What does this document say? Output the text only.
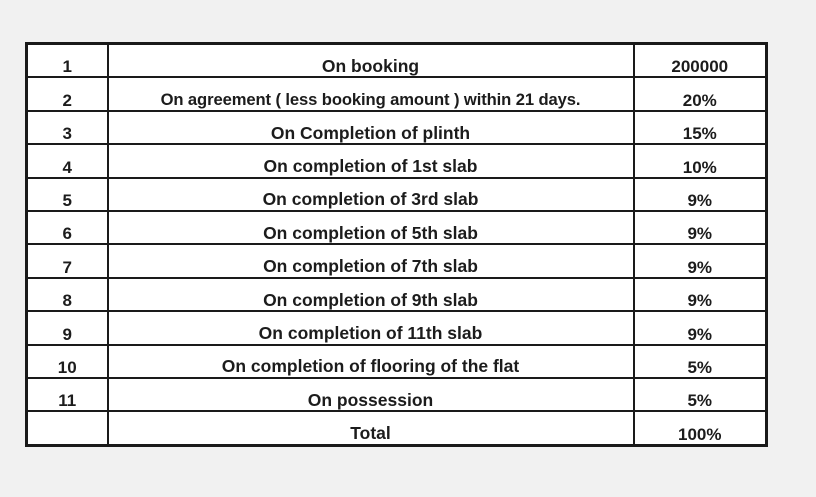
1	On booking	200000
2	On agreement ( less booking amount ) within 21 days.	20%
3	On Completion of plinth	15%
4	On completion of 1st slab	10%
5	On completion of 3rd slab	9%
6	On completion of 5th slab	9%
7	On completion of 7th slab	9%
8	On completion of 9th slab	9%
9	On completion of 11th slab	9%
10	On completion of flooring of the flat	5%
11	On possession	5%
	Total	100%
